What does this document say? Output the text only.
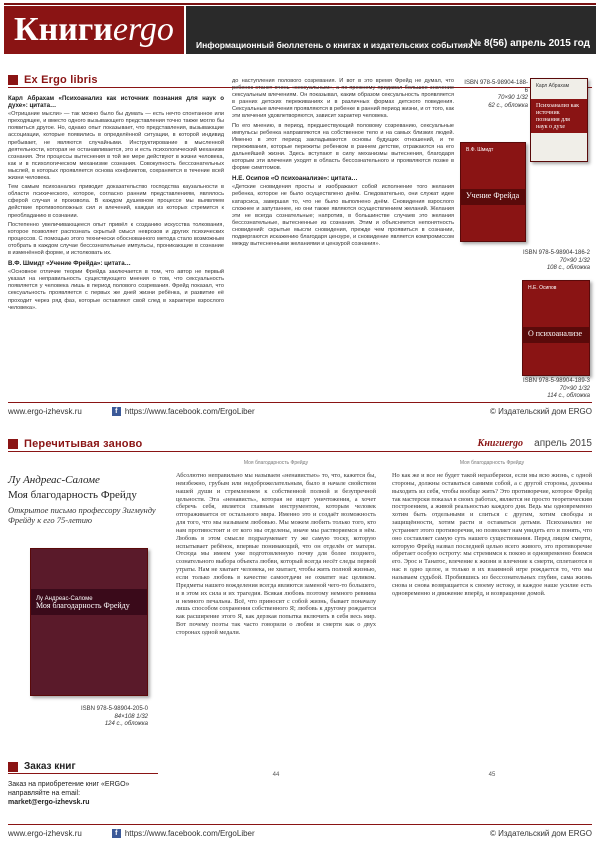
Книгиergo	Информационный бюллетень о книгах и издательских событиях
№ 8(56) апрель 2015 год
Ex Ergo libris
Карл Абрахам «Психоанализ как источник познания для наук о духе»: цитата…

«Отрицание мысли» — так можно было бы думать — есть нечто спонтанное или преходящее, и вместо одного вызывающего представления точно также могло бы появиться другое. Но, однако опыт показывает, что представления, вызывающие ассоциации, которые появились в определённой ситуации, в которой индивид пребывает, не являются случайными. Инструктирование в мысленной деятельности, которая не останавливается, это и есть психологический механизм сознания. Эти процессы вытеснения в той же мере действуют в жизни человека, как и в психологическом механизме сознания. Совокупность бессознательных мыслей, в которых проявляется основа конфликтов, сохраняется в течение всей жизни человека.

Тем самым психоанализ приводит доказательство господства каузальности в области психического, которое, согласно ранним представлениям, являлось сферой случая и произвола. В каждом душевном процессе мы выявляем действие противоположных сил и влечений, каждая из которых стремится к преобладанию в сознании.

Постепенно увеличивающееся опыт привёл к созданию искусства толкования, которое позволяет распознать скрытый смысл неврозов и других психических процессов. С помощью этого технически обоснованного метода стало возможным отобрать в каждом случае бессознательные импульсы, проникающие в сознание в изменённой форме, и истолковать их.

В.Ф. Шмидт «Учение Фрейда»: цитата…

«Основное отличие теории Фрейда заключается в том, что автор не первый указал на неправильность существующего мнения о том, что сексуальность появляется у человека лишь в период полового созревания. Фрейд показал, что сексуальность проявляется с первых же дней жизни ребёнка, и развитие её проходит через ряд фаз, которые оставляют свой след в характере взрослого человека».

до наступления полового созревания. И вот в это время Фрейд не думал, что ребенок станет очень «сексуальным», а по-прежнему придавал большое значение сексуальным влечениям. Он показывал, каким образом сексуальность проявляется в ранних детских переживаниях и в различных формах детского поведения. Сексуальные влечения проявляются в ребенке в ранний период жизни, и от того, как эти влечения удовлетворяются, зависит характер человека.

По его мнению, в период, предшествующий половому созреванию, сексуальные импульсы ребенка направляются на собственное тело и на самых близких людей. Именно в этот период закладываются основы будущих отношений, и те переживания, которые пережиты ребенком в раннем детстве, отражаются на его дальнейшей жизни. Здесь вступают в силу механизмы вытеснения, благодаря которым эти влечения уходят в область бессознательного и проявляются позже в форме симптомов.

Н.Е. Осипов «О психоанализе»: цитата…

«Детские сновидения просты и изображают собой исполнение того желания ребенка, которое не было осуществлено днём. Следовательно, они служат идее катарсиса, завершая то, что не было выполнено днём. Сновидения взрослого сложнее и запутаннее, но они также являются осуществлением желаний. Желания эти не всегда сознательные; напротив, в большинстве случаев это желания бессознательные, вытесненные из сознания. Этим и объясняется непонятность сновидений: скрытые мысли сновидения, прежде чем проявиться в сознании, подвергаются искажению благодаря цензуре, и сновидение является компромиссом между вытесненными желаниями и цензурой сознания».

Карл Абрахам
Психоанализ как источник познания для наук о духе
ISBN 978-5-98904-188-6
70×90 1/32
62 с., обложка
В.Ф. Шмидт
Учение Фрейда
ISBN 978-5-98904-186-2
70×90 1/32
108 с., обложка
Н.Е. Осипов
О психоанализе
ISBN 978-5-98904-189-3
70×90 1/32
114 с., обложка
www.ergo-izhevsk.ru	f https://www.facebook.com/ErgoLiber	© Издательский дом ERGO
Перечитывая заново	Книгиergo апрель 2015
Лу Андреас-Саломе
Моя благодарность Фрейду
Открытое письмо профессору Зигмунду Фрейду к его 75-летию
Лу Андреас-Саломе
Моя благодарность Фрейду
ISBN 978-5-98904-205-0
84×108 1/32
124 с., обложка
Моя благодарность Фрейду	Моя благодарность Фрейду
Абсолютно неправильно мы называем «ненавистью» то, что, кажется бы, неизбежно, грубым или недоброжелательным, было в начале свойством нашей души и стремлением к собственной полной и безупречной цельности. Эта «ненависть», которая не ищет уничтожения, а хочет сберечь себя, является главным инструментом, которым человек отгораживается от остального мира. Именно это и создаёт возможность для того, что мы называем любовью. Мы можем любить только того, кто нам противостоит и от кого мы отделены, иначе мы растворяемся в нём. Любовь в этом смысле подразумевает ту же самую тоску, которую испытывает ребёнок, впервые понимающий, что он отделён от матери. Отсюда мы имеем уже подготовленную почву для более позднего, сознательного выбора объекта любви, который всегда несёт следы первой утраты. Нам не хватает человека, не хватает, чтобы жить полной жизнью, если только любовь в качестве самоотдачи не охватит нас целиком. Предметы нашего вожделения всегда являются заменой чего-то большего, и в этом их сила и их трагедия. Всякая любовь поэтому немного ревнива и немного печальна. Всё, что приносит с собой жизнь, бывает поначалу лишь способом сохранения собственного Я; любовь к другому рождается как расширение этого Я, как дерзкая попытка включить в себя весь мир. Вот почему поэты так часто говорили о любви и смерти как о двух сторонах одной медали.
Но как же и все не будет такой неразберихи, если мы всю жизнь, с одной стороны, должны оставаться самими собой, а с другой стороны, должны выходить из себя, чтобы вообще жить? Это противоречие, которое Фрейд так мастерски показал в своих работах, является не просто теоретическим построением, а живой реальностью каждого дня. Ведь мы одновременно хотим быть отдельными и слиться с другим, хотим свободы и защищённости, хотим расти и оставаться детьми. Психоанализ не устраняет этого противоречия, но позволяет нам увидеть его и понять, что оно составляет самую суть нашего существования. Перед лицом смерти, которую Фрейд назвал последней целью всего живого, это противоречие обретает особую остроту: мы стремимся к покою и одновременно боимся его. Эрос и Танатос, влечение к жизни и влечение к смерти, сплетаются в нас в одно целое, и только в их взаимной игре рождается то, что мы называем судьбой. Пробившись из бессознательных глубин, сама жизнь снова и снова возвращается к своему истоку, и каждое наше усилие есть одновременно и движение вперёд, и возвращение домой.
44	45
Заказ книг
Заказ на приобретение книг «ERGO» направляйте на email:
market@ergo-izhevsk.ru
www.ergo-izhevsk.ru	f https://www.facebook.com/ErgoLiber	© Издательский дом ERGO
